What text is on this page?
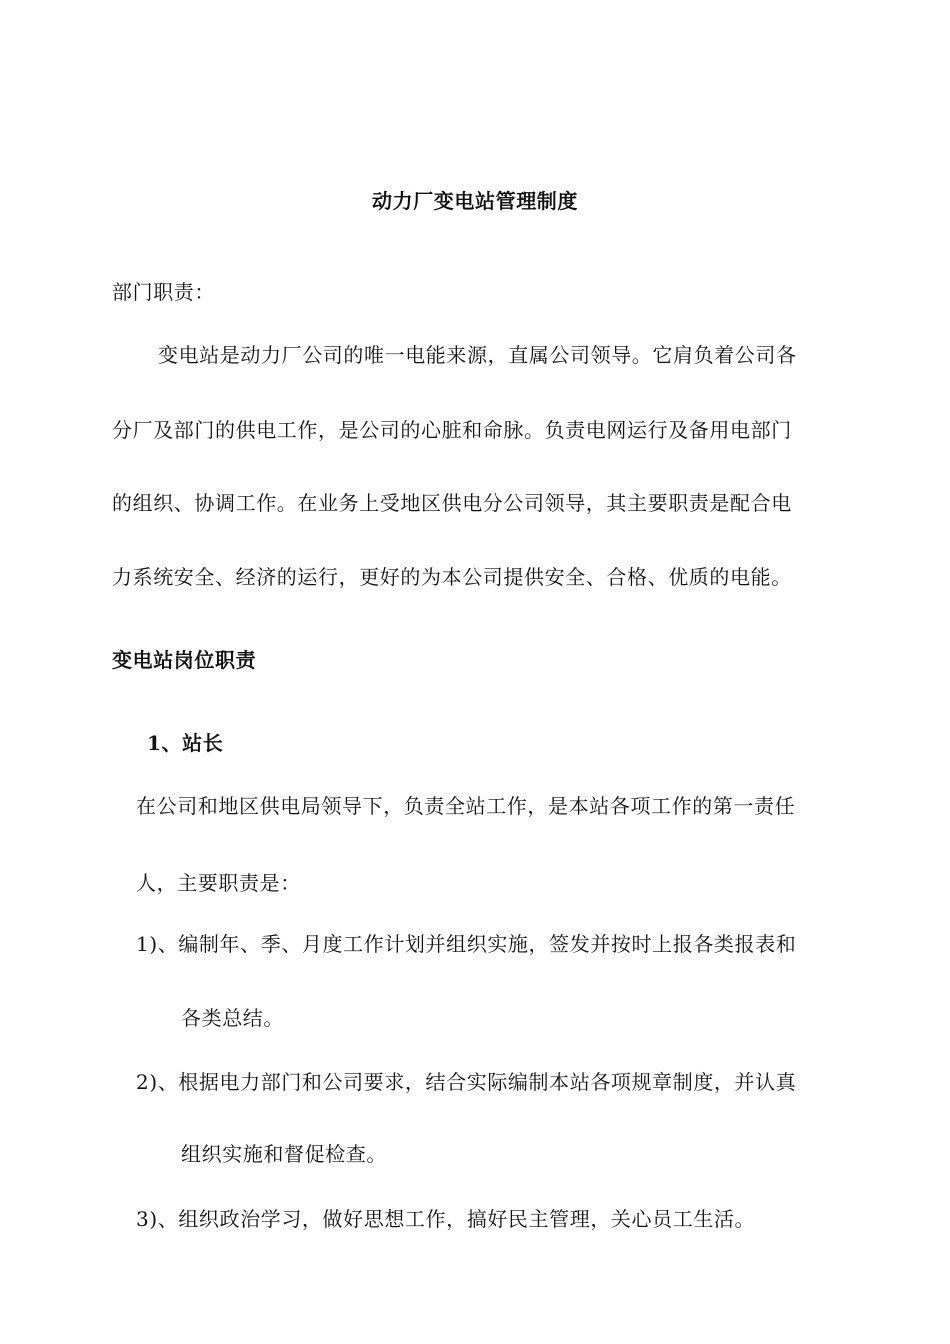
动力厂变电站管理制度
部门职责：
变电站是动力厂公司的唯一电能来源，直属公司领导。它肩负着公司各
分厂及部门的供电工作，是公司的心脏和命脉。负责电网运行及备用电部门
的组织、协调工作。在业务上受地区供电分公司领导，其主要职责是配合电
力系统安全、经济的运行，更好的为本公司提供安全、合格、优质的电能。
变电站岗位职责
1、站长
在公司和地区供电局领导下，负责全站工作，是本站各项工作的第一责任
人，主要职责是：
1)、编制年、季、月度工作计划并组织实施，签发并按时上报各类报表和
各类总结。
2)、根据电力部门和公司要求，结合实际编制本站各项规章制度，并认真
组织实施和督促检查。
3)、组织政治学习，做好思想工作，搞好民主管理，关心员工生活。
